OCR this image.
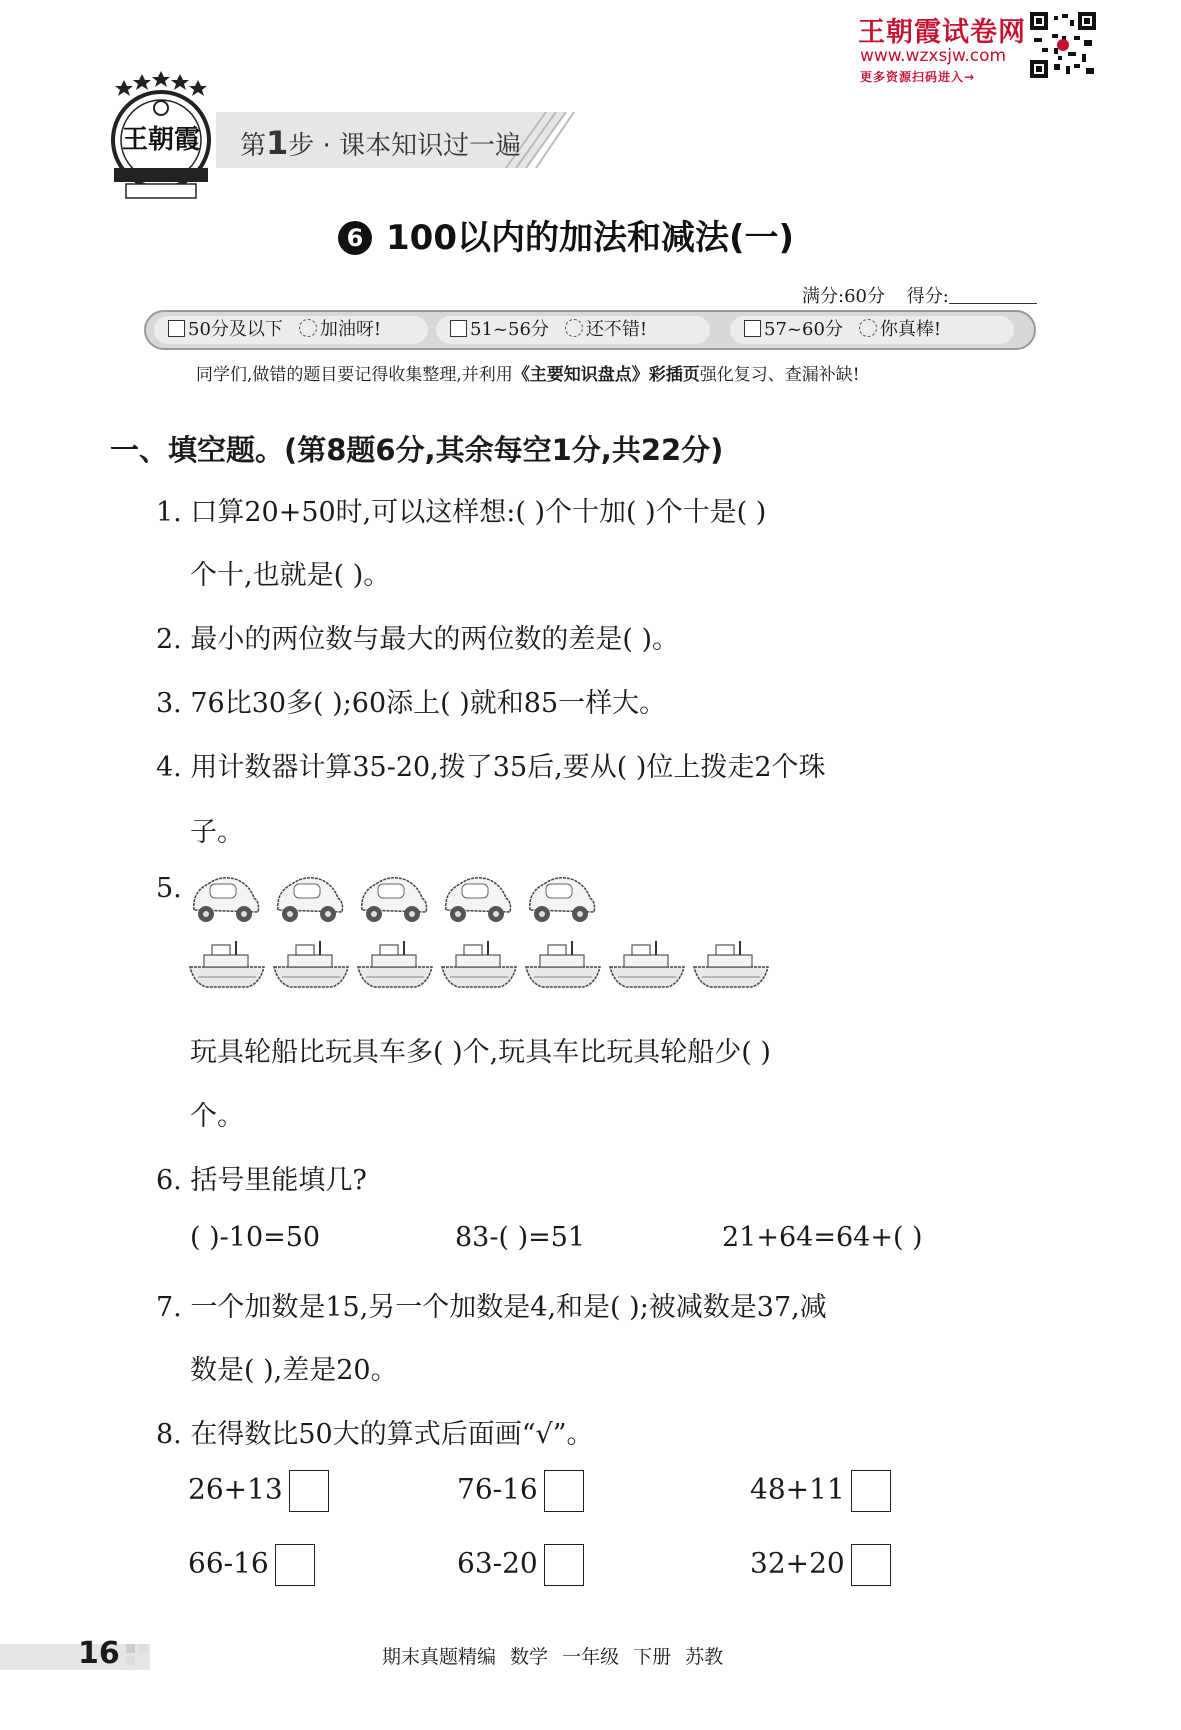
王朝霞试卷网
www.wzxsjw.com
更多资源扫码进入→
王朝霞 第1步 · 课本知识过一遍
6 100以内的加法和减法(一)
满分:60分 得分:
50分及以下 加油呀!	51~56分 还不错!	57~60分 你真棒!
同学们,做错的题目要记得收集整理,并利用《主要知识盘点》彩插页强化复习、查漏补缺!
一、填空题。(第8题6分,其余每空1分,共22分)
1. 口算20+50时,可以这样想:( )个十加( )个十是( )
个十,也就是( )。
2. 最小的两位数与最大的两位数的差是( )。
3. 76比30多( );60添上( )就和85一样大。
4. 用计数器计算35-20,拨了35后,要从( )位上拨走2个珠
子。
5.
玩具轮船比玩具车多( )个,玩具车比玩具轮船少( )
个。
6. 括号里能填几?
( )-10=50	83-( )=51	21+64=64+( )
7. 一个加数是15,另一个加数是4,和是( );被减数是37,减
数是( ),差是20。
8. 在得数比50大的算式后面画“√”。
26+13	76-16	48+11
66-16	63-20	32+20
16	期末真题精编 数学 一年级 下册 苏教
